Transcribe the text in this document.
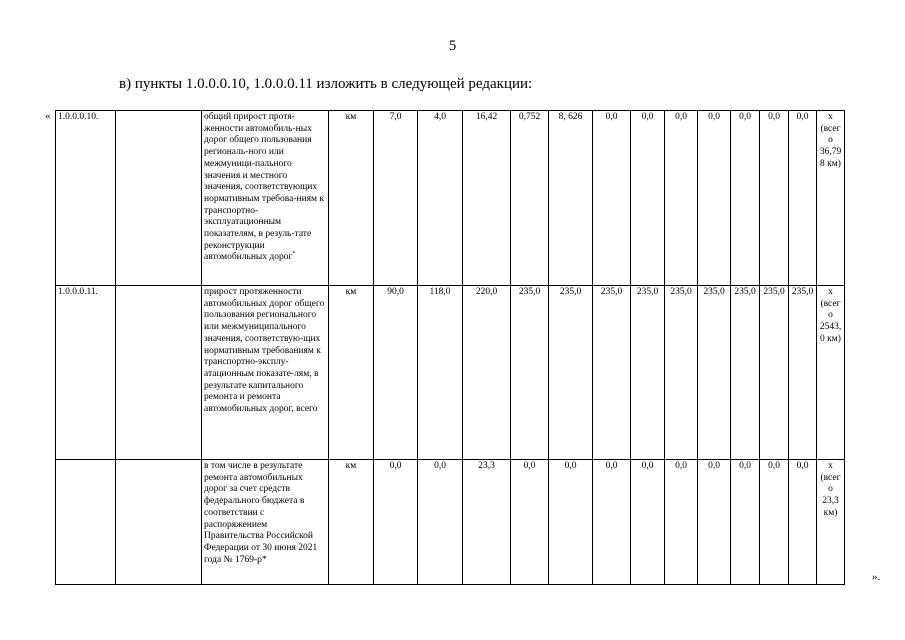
5
в) пункты 1.0.0.0.10, 1.0.0.0.11 изложить в следующей редакции:
« 1.0.0.0.10.		общий прирост протя-женности автомобиль-ных дорог общего пользования региональ-ного или межмуници-пального значения и местного значения, соответствующих нормативным требова-ниям к транспортно-эксплуатационным показателям, в резуль-тате реконструкции автомобильных дорог*	км	7,0	4,0	16,42	0,752	8, 626	0,0	0,0	0,0	0,0	0,0	0,0	0,0	х (всего 36,798 км)
1.0.0.0.11.		прирост протяженности автомобильных дорог общего пользования регионального или межмуниципального значения, соответствую-щих нормативным требованиям к транспортно-эксплу-атационным показате-лям, в результате капитального ремонта и ремонта автомобильных дорог, всего	км	90,0	118,0	220,0	235,0	235,0	235,0	235,0	235,0	235,0	235,0	235,0	235,0	х (всего 2543,0 км)
		в том числе в результате ремонта автомобильных дорог за счет средств федерального бюджета в соответствии с распоряжением Правительства Российской Федерации от 30 июня 2021 года № 1769-р*	км	0,0	0,0	23,3	0,0	0,0	0,0	0,0	0,0	0,0	0,0	0,0	0,0	х (всего 23,3 км)
».
